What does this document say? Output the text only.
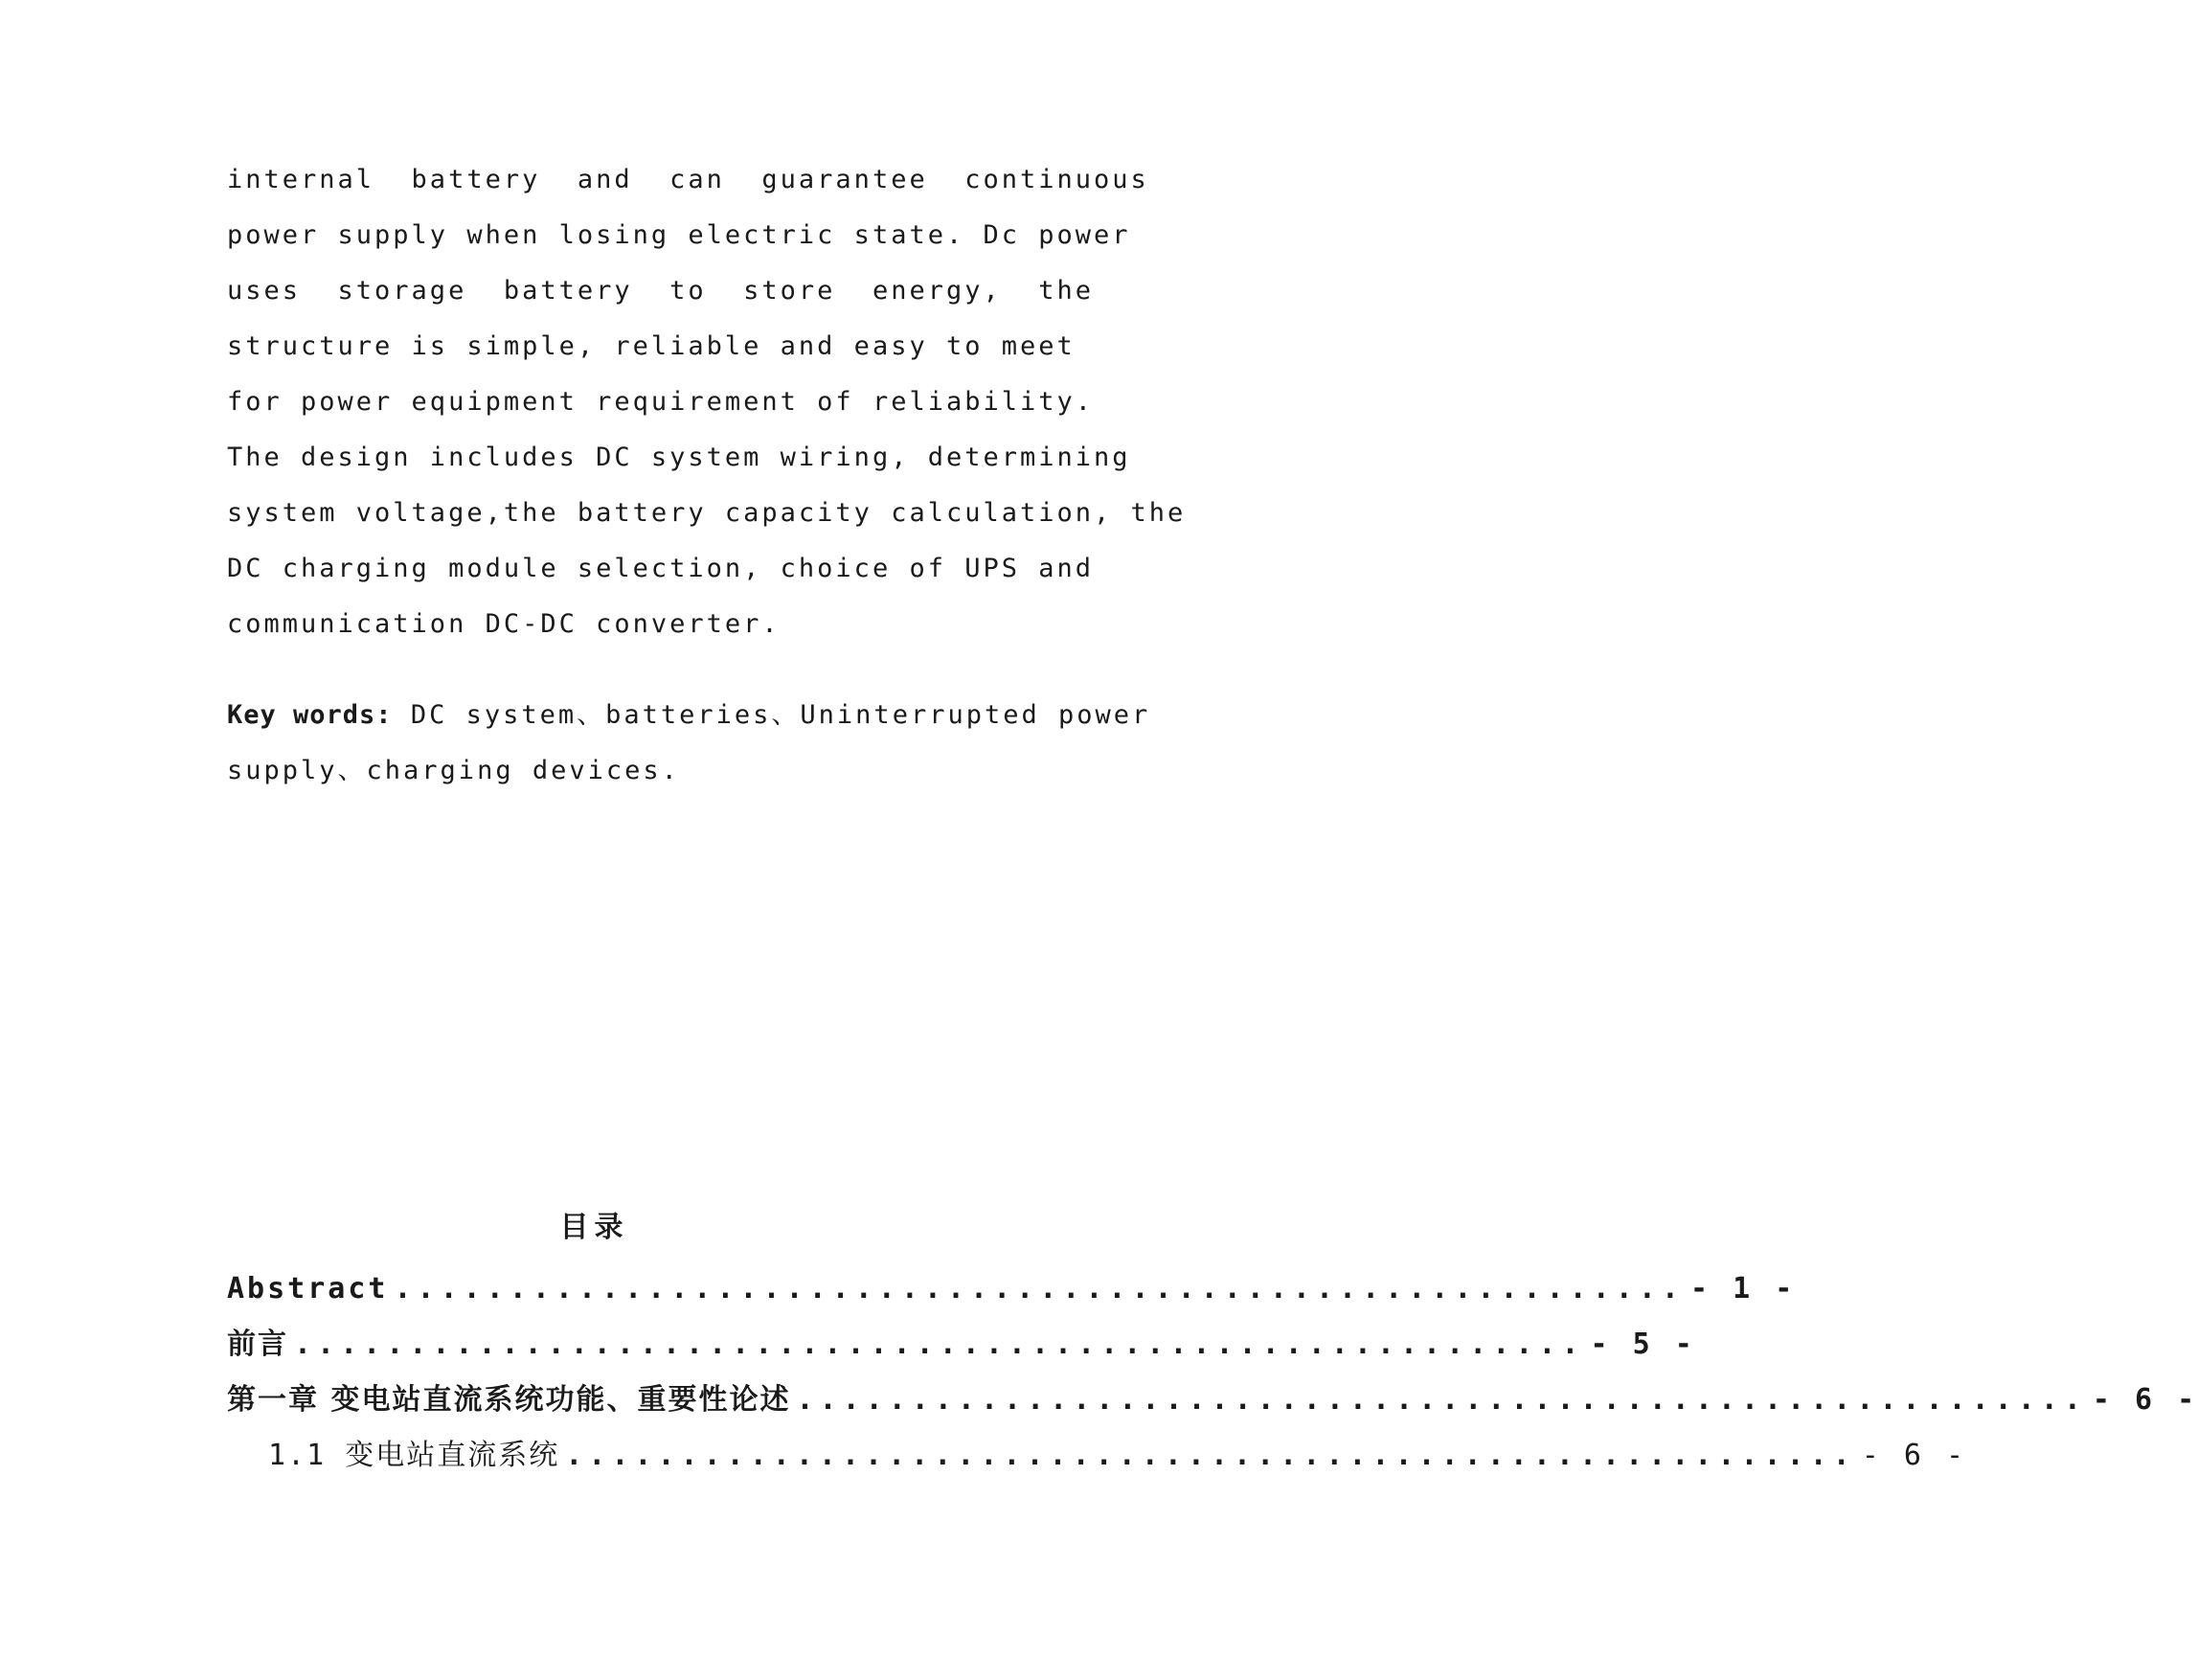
internal  battery  and  can  guarantee  continuous
power supply when losing electric state. Dc power
uses  storage  battery  to  store  energy,  the
structure is simple, reliable and easy to meet
for power equipment requirement of reliability.
The design includes DC system wiring, determining
system voltage,the battery capacity calculation, the
DC charging module selection, choice of UPS and
communication DC-DC converter.
Key words: DC system、batteries、Uninterrupted power
supply、charging devices.
目录
Abstract ........................................................ - 1 -
前言 ........................................................ - 5 -
第一章 变电站直流系统功能、重要性论述 ........................................................ - 6 -
1.1 变电站直流系统 ........................................................ - 6 -
